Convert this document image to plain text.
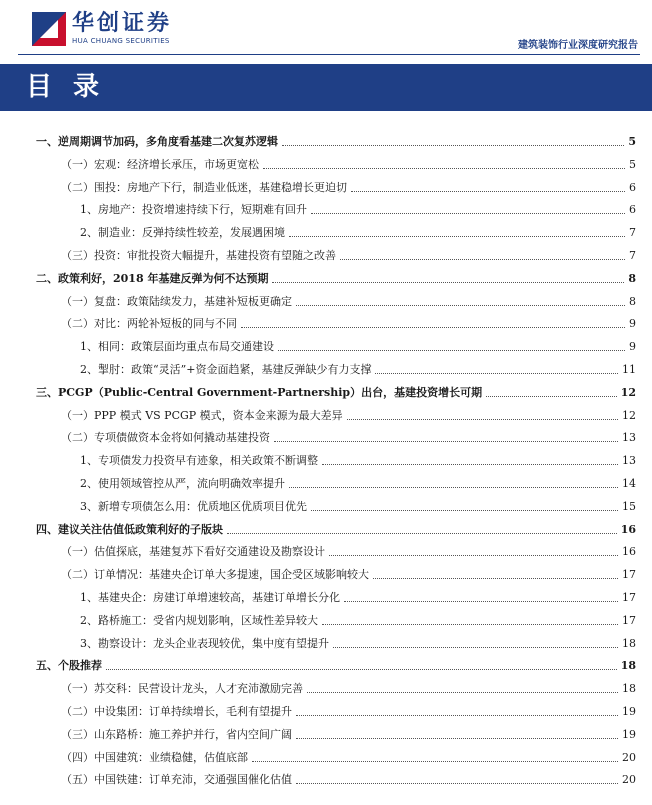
华创证券
HUA CHUANG SECURITIES	建筑装饰行业深度研究报告
目 录
一、逆周期调节加码，多角度看基建二次复苏逻辑	5
（一）宏观：经济增长承压，市场更宽松	5
（二）围投：房地产下行，制造业低迷，基建稳增长更迫切	6
1、房地产：投资增速持续下行，短期难有回升	6
2、制造业：反弹持续性较差，发展遇困境	7
（三）投资：审批投资大幅提升，基建投资有望随之改善	7
二、政策利好，2018 年基建反弹为何不达预期	8
（一）复盘：政策陆续发力，基建补短板更确定	8
（二）对比：两轮补短板的同与不同	9
1、相同：政策层面均重点布局交通建设	9
2、掣肘：政策“灵活”+资金面趋紧，基建反弹缺少有力支撑	11
三、PCGP（Public-Central Government-Partnership）出台，基建投资增长可期	12
（一）PPP 模式 VS PCGP 模式，资本金来源为最大差异	12
（二）专项债做资本金将如何撬动基建投资	13
1、专项债发力投资早有迹象，相关政策不断调整	13
2、使用领域管控从严，流向明确效率提升	14
3、新增专项债怎么用：优质地区优质项目优先	15
四、建议关注估值低政策利好的子版块	16
（一）估值探底，基建复苏下看好交通建设及勘察设计	16
（二）订单情况：基建央企订单大多提速，国企受区域影响较大	17
1、基建央企：房建订单增速较高，基建订单增长分化	17
2、路桥施工：受省内规划影响，区域性差异较大	17
3、勘察设计：龙头企业表现较优，集中度有望提升	18
五、个股推荐	18
（一）苏交科：民营设计龙头，人才充沛激励完善	18
（二）中设集团：订单持续增长，毛利有望提升	19
（三）山东路桥：施工养护并行，省内空间广阔	19
（四）中国建筑：业绩稳健，估值底部	20
（五）中国铁建：订单充沛，交通强国催化估值	20
